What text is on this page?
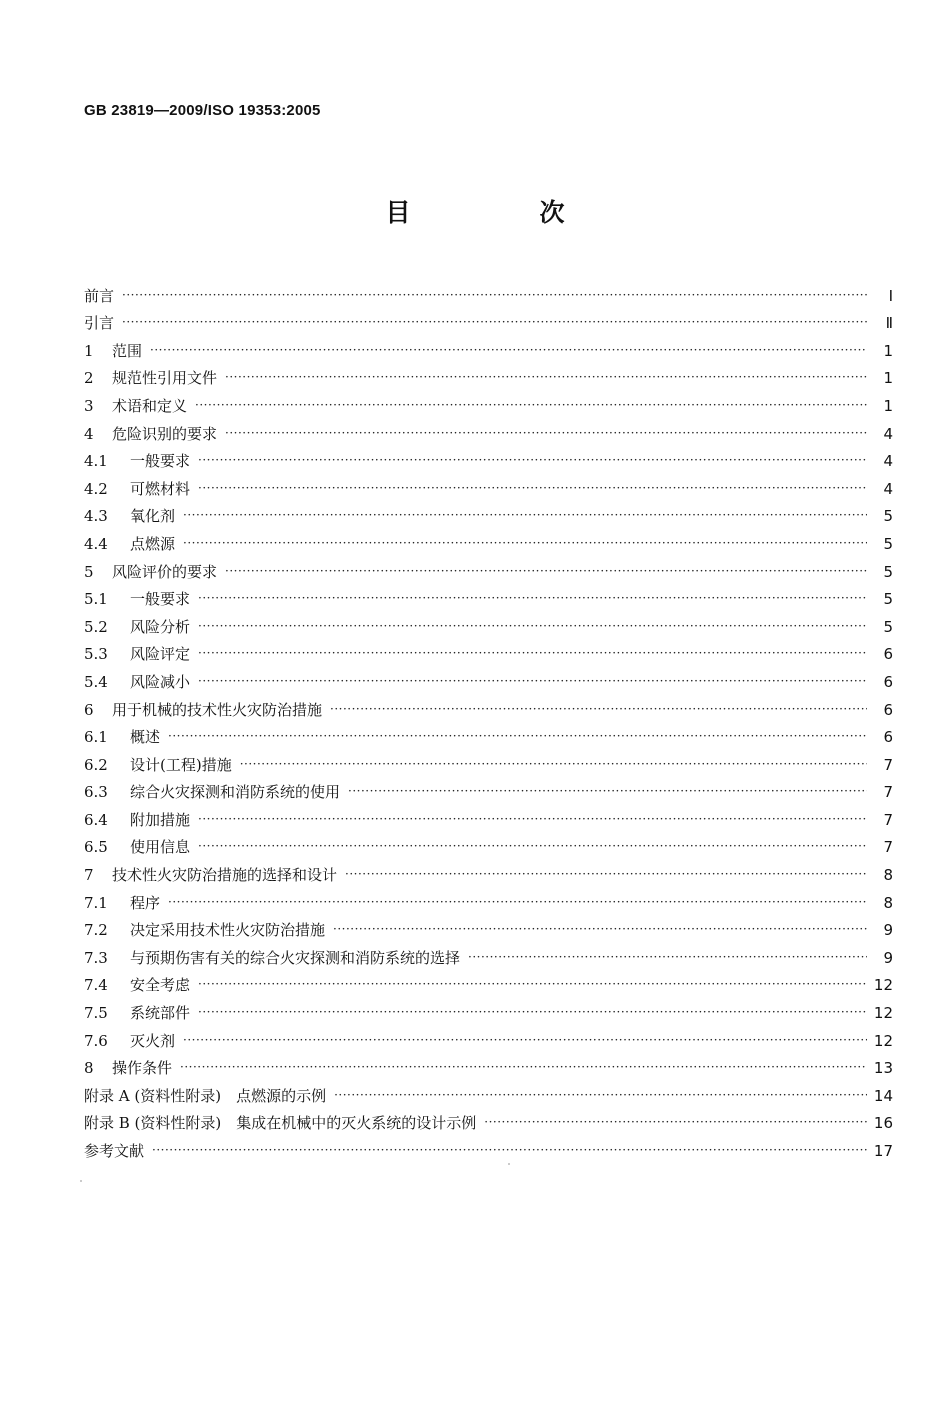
GB 23819—2009/ISO 19353:2005
目　次
前言 ·····	Ⅰ
引言 ·····	Ⅱ
1	范围 ·····	1
2	规范性引用文件 ·····	1
3	术语和定义 ·····	1
4	危险识别的要求 ·····	4
4.1	一般要求 ·····	4
4.2	可燃材料 ·····	4
4.3	氧化剂 ·····	5
4.4	点燃源 ·····	5
5	风险评价的要求 ·····	5
5.1	一般要求 ·····	5
5.2	风险分析 ·····	5
5.3	风险评定 ·····	6
5.4	风险减小 ·····	6
6	用于机械的技术性火灾防治措施 ·····	6
6.1	概述 ·····	6
6.2	设计(工程)措施 ·····	7
6.3	综合火灾探测和消防系统的使用 ·····	7
6.4	附加措施 ·····	7
6.5	使用信息 ·····	7
7	技术性火灾防治措施的选择和设计 ·····	8
7.1	程序 ·····	8
7.2	决定采用技术性火灾防治措施 ·····	9
7.3	与预期伤害有关的综合火灾探测和消防系统的选择 ·····	9
7.4	安全考虑 ·····	12
7.5	系统部件 ·····	12
7.6	灭火剂 ·····	12
8	操作条件 ·····	13
附录 A (资料性附录)　点燃源的示例 ·····	14
附录 B (资料性附录)　集成在机械中的灭火系统的设计示例 ·····	16
参考文献 ·····	17
